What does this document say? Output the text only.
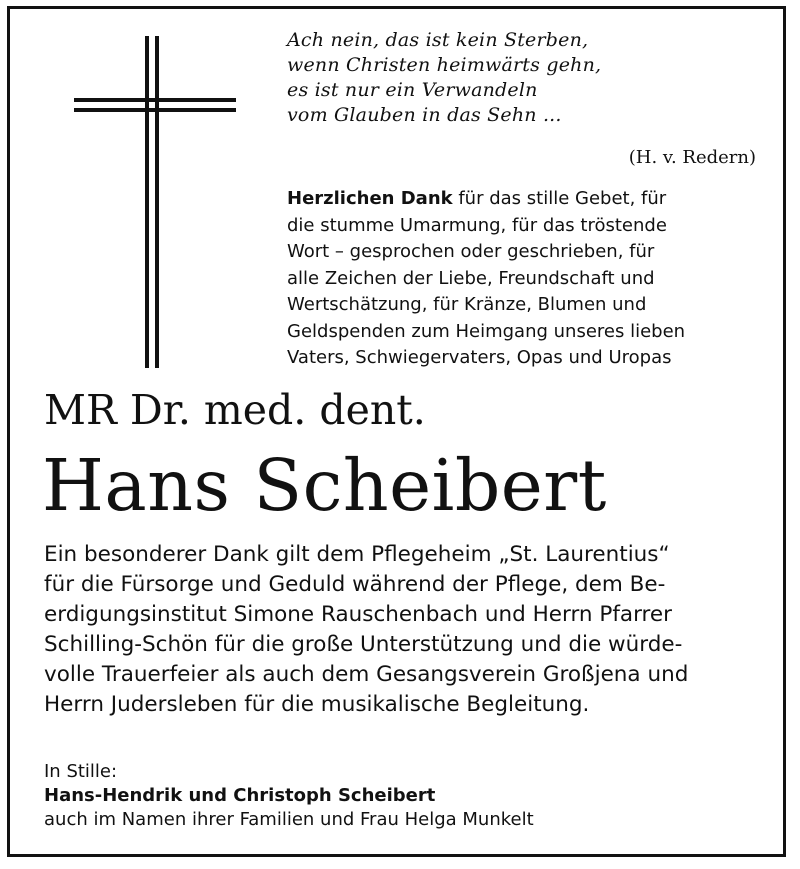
Ach nein, das ist kein Sterben,
wenn Christen heimwärts gehn,
es ist nur ein Verwandeln
vom Glauben in das Sehn ...
(H. v. Redern)
Herzlichen Dank für das stille Gebet, für
die stumme Umarmung, für das tröstende
Wort – gesprochen oder geschrieben, für
alle Zeichen der Liebe, Freundschaft und
Wertschätzung, für Kränze, Blumen und
Geldspenden zum Heimgang unseres lieben
Vaters, Schwiegervaters, Opas und Uropas
MR Dr. med. dent.
Hans Scheibert
Ein besonderer Dank gilt dem Pflegeheim „St. Laurentius“
für die Fürsorge und Geduld während der Pflege, dem Be-
erdigungsinstitut Simone Rauschenbach und Herrn Pfarrer
Schilling-Schön für die große Unterstützung und die würde-
volle Trauerfeier als auch dem Gesangsverein Großjena und
Herrn Judersleben für die musikalische Begleitung.
In Stille:
Hans-Hendrik und Christoph Scheibert
auch im Namen ihrer Familien und Frau Helga Munkelt
